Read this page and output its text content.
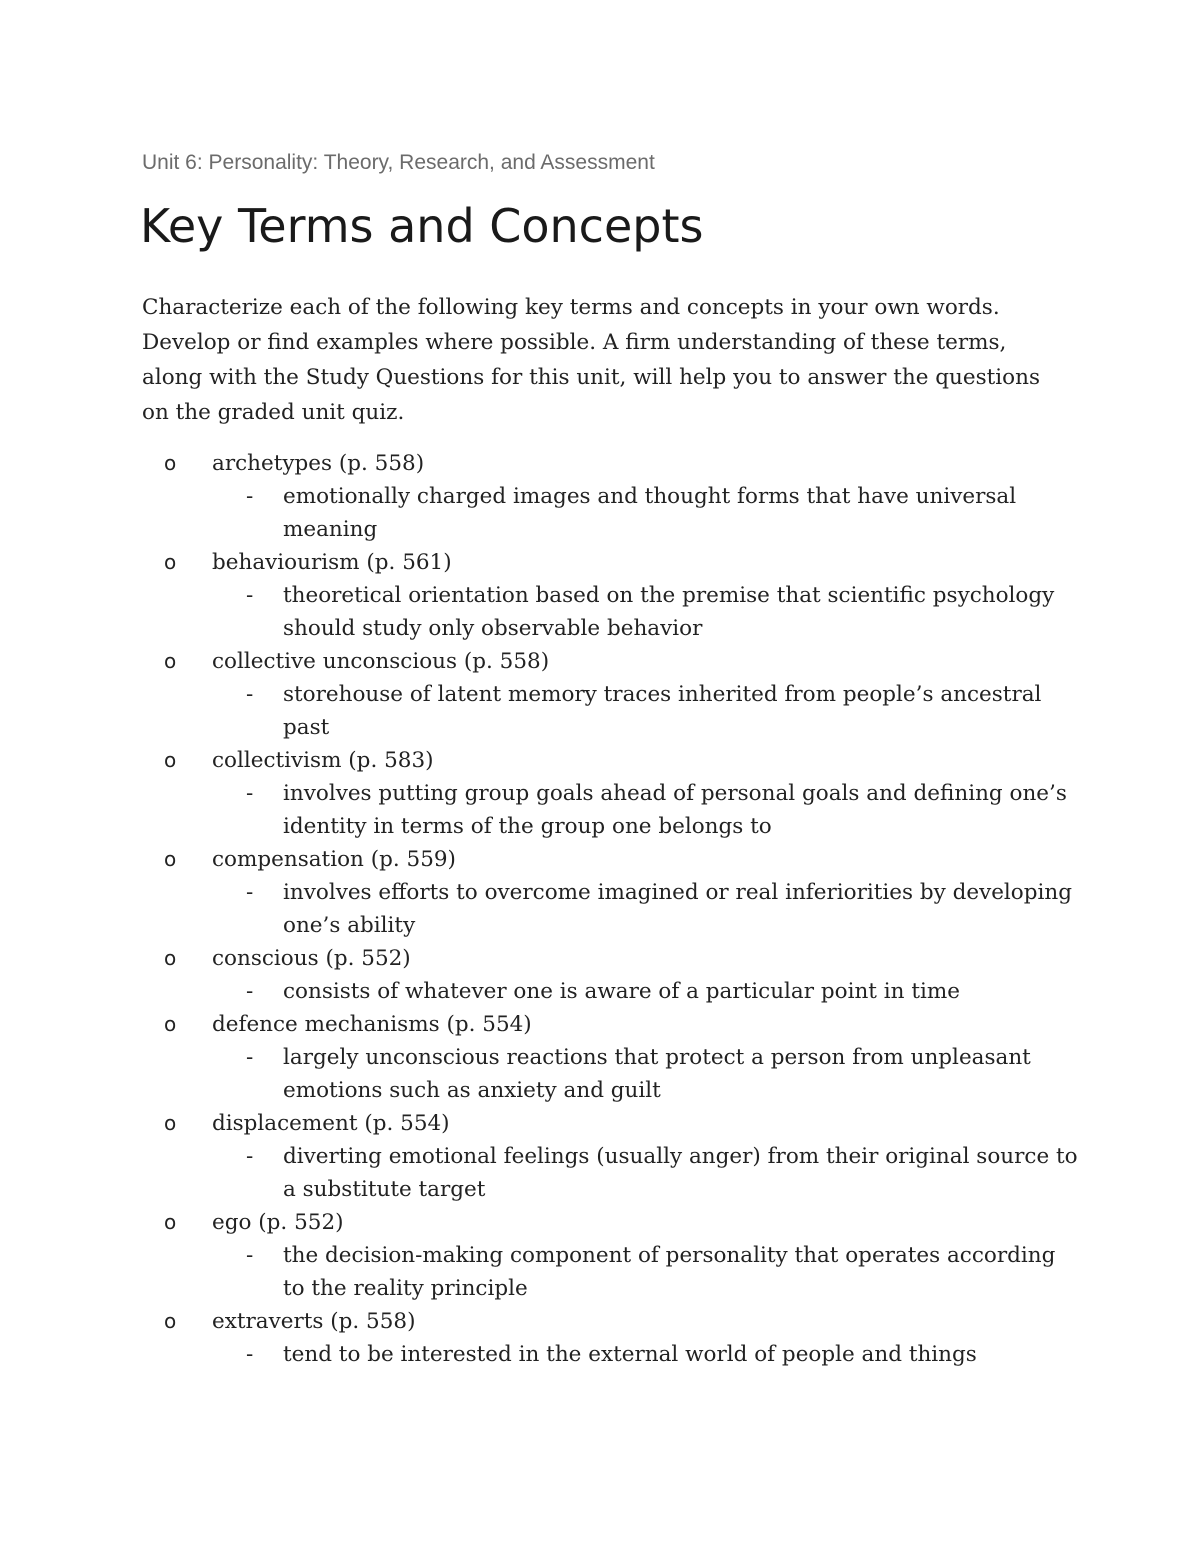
Unit 6: Personality: Theory, Research, and Assessment

Key Terms and Concepts

Characterize each of the following key terms and concepts in your own words. Develop or find examples where possible. A firm understanding of these terms, along with the Study Questions for this unit, will help you to answer the questions on the graded unit quiz.

o archetypes (p. 558)
- emotionally charged images and thought forms that have universal meaning
o behaviourism (p. 561)
- theoretical orientation based on the premise that scientific psychology should study only observable behavior
o collective unconscious (p. 558)
- storehouse of latent memory traces inherited from people’s ancestral past
o collectivism (p. 583)
- involves putting group goals ahead of personal goals and defining one’s identity in terms of the group one belongs to
o compensation (p. 559)
- involves efforts to overcome imagined or real inferiorities by developing one’s ability
o conscious (p. 552)
- consists of whatever one is aware of a particular point in time
o defence mechanisms (p. 554)
- largely unconscious reactions that protect a person from unpleasant emotions such as anxiety and guilt
o displacement (p. 554)
- diverting emotional feelings (usually anger) from their original source to a substitute target
o ego (p. 552)
- the decision-making component of personality that operates according to the reality principle
o extraverts (p. 558)
- tend to be interested in the external world of people and things
